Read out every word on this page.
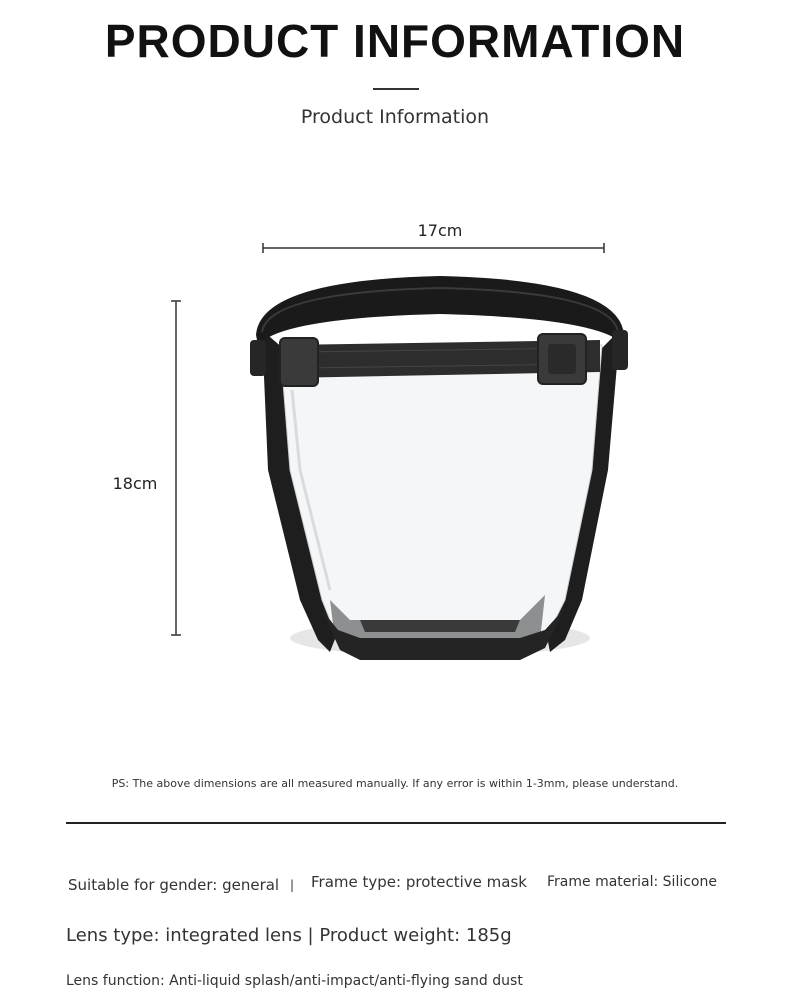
PRODUCT INFORMATION
Product Information
17cm
18cm
PS: The above dimensions are all measured manually. If any error is within 1-3mm, please understand.
Suitable for gender: general | Frame type: protective mask Frame material: Silicone
Lens type: integrated lens | Product weight: 185g
Lens function: Anti-liquid splash/anti-impact/anti-flying sand dust
